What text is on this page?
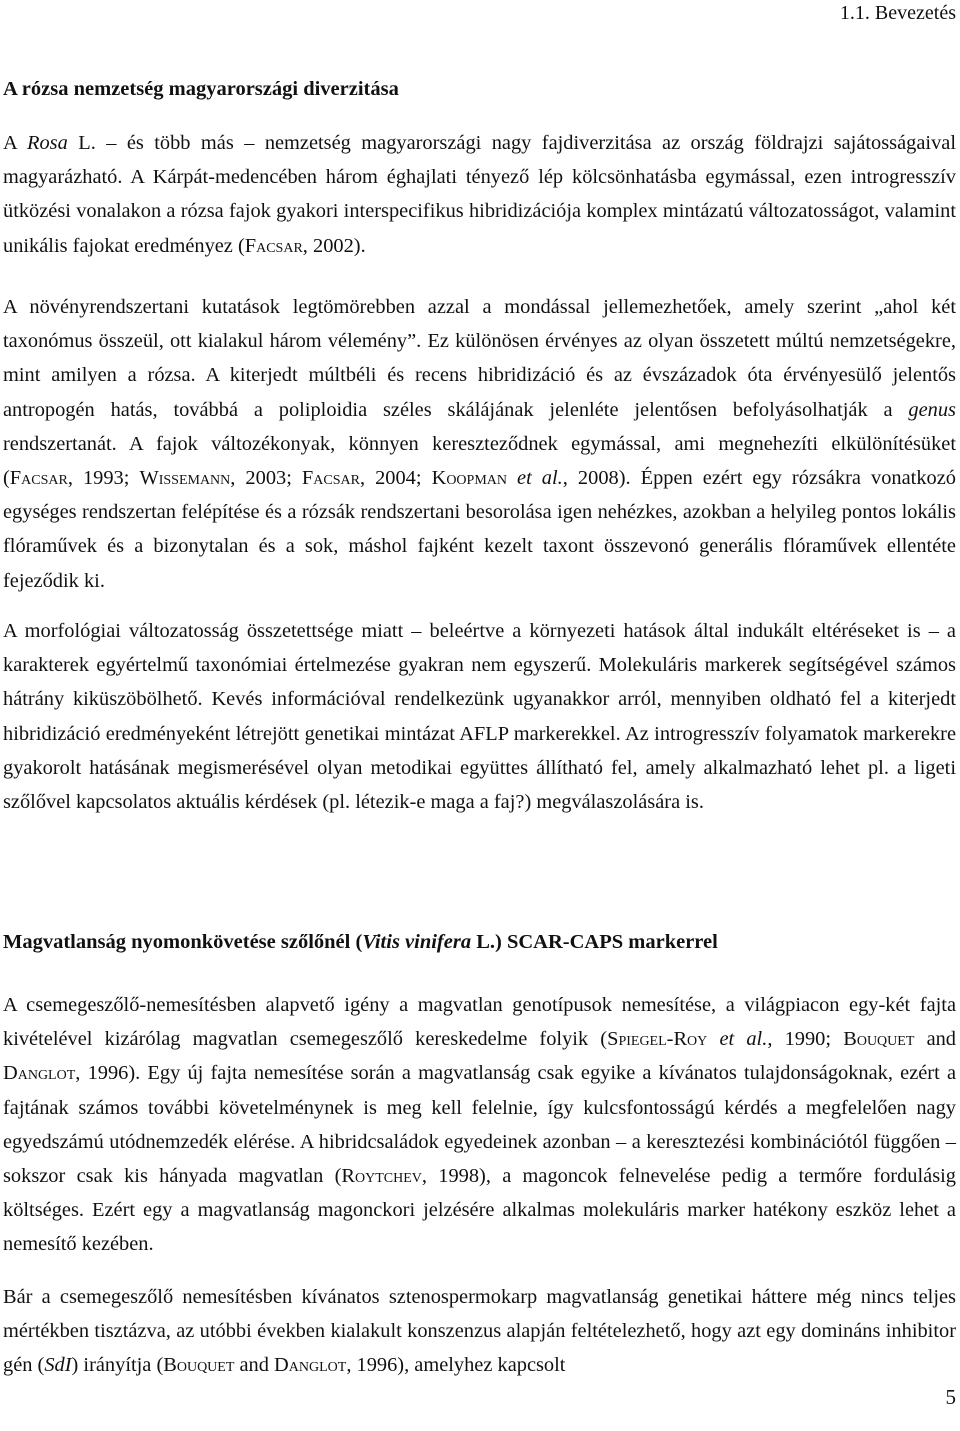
1.1. Bevezetés
A rózsa nemzetség magyarországi diverzitása

A Rosa L. – és több más – nemzetség magyarországi nagy fajdiverzitása az ország földrajzi sajátosságaival magyarázható. A Kárpát-medencében három éghajlati tényező lép kölcsönhatásba egymással, ezen introgresszív ütközési vonalakon a rózsa fajok gyakori interspecifikus hibridizációja komplex mintázatú változatosságot, valamint unikális fajokat eredményez (Facsar, 2002).

A növényrendszertani kutatások legtömörebben azzal a mondással jellemezhetőek, amely szerint „ahol két taxonómus összeül, ott kialakul három vélemény”. Ez különösen érvényes az olyan összetett múltú nemzetségekre, mint amilyen a rózsa. A kiterjedt múltbéli és recens hibridizáció és az évszázadok óta érvényesülő jelentős antropogén hatás, továbbá a poliploidia széles skálájának jelenléte jelentősen befolyásolhatják a genus rendszertanát. A fajok változékonyak, könnyen kereszteződnek egymással, ami megnehezíti elkülönítésüket (Facsar, 1993; Wissemann, 2003; Facsar, 2004; Koopman et al., 2008). Éppen ezért egy rózsákra vonatkozó egységes rendszertan felépítése és a rózsák rendszertani besorolása igen nehézkes, azokban a helyileg pontos lokális flóraművek és a bizonytalan és a sok, máshol fajként kezelt taxont összevonó generális flóraművek ellentéte fejeződik ki.

A morfológiai változatosság összetettsége miatt – beleértve a környezeti hatások által indukált eltéréseket is – a karakterek egyértelmű taxonómiai értelmezése gyakran nem egyszerű. Molekuláris markerek segítségével számos hátrány kiküszöbölhető. Kevés információval rendelkezünk ugyanakkor arról, mennyiben oldható fel a kiterjedt hibridizáció eredményeként létrejött genetikai mintázat AFLP markerekkel. Az introgresszív folyamatok markerekre gyakorolt hatásának megismerésével olyan metodikai együttes állítható fel, amely alkalmazható lehet pl. a ligeti szőlővel kapcsolatos aktuális kérdések (pl. létezik-e maga a faj?) megválaszolására is.

Magvatlanság nyomonkövetése szőlőnél (Vitis vinifera L.) SCAR-CAPS markerrel

A csemegeszőlő-nemesítésben alapvető igény a magvatlan genotípusok nemesítése, a világpiacon egy-két fajta kivételével kizárólag magvatlan csemegeszőlő kereskedelme folyik (Spiegel-Roy et al., 1990; Bouquet and Danglot, 1996). Egy új fajta nemesítése során a magvatlanság csak egyike a kívánatos tulajdonságoknak, ezért a fajtának számos további követelménynek is meg kell felelnie, így kulcsfontosságú kérdés a megfelelően nagy egyedszámú utódnemzedék elérése. A hibridcsaládok egyedeinek azonban – a keresztezési kombinációtól függően – sokszor csak kis hányada magvatlan (Roytchev, 1998), a magoncok felnevelése pedig a termőre fordulásig költséges. Ezért egy a magvatlanság magonckori jelzésére alkalmas molekuláris marker hatékony eszköz lehet a nemesítő kezében.

Bár a csemegeszőlő nemesítésben kívánatos sztenospermokarp magvatlanság genetikai háttere még nincs teljes mértékben tisztázva, az utóbbi években kialakult konszenzus alapján feltételezhető, hogy azt egy domináns inhibitor gén (SdI) irányítja (Bouquet and Danglot, 1996), amelyhez kapcsolt

5
